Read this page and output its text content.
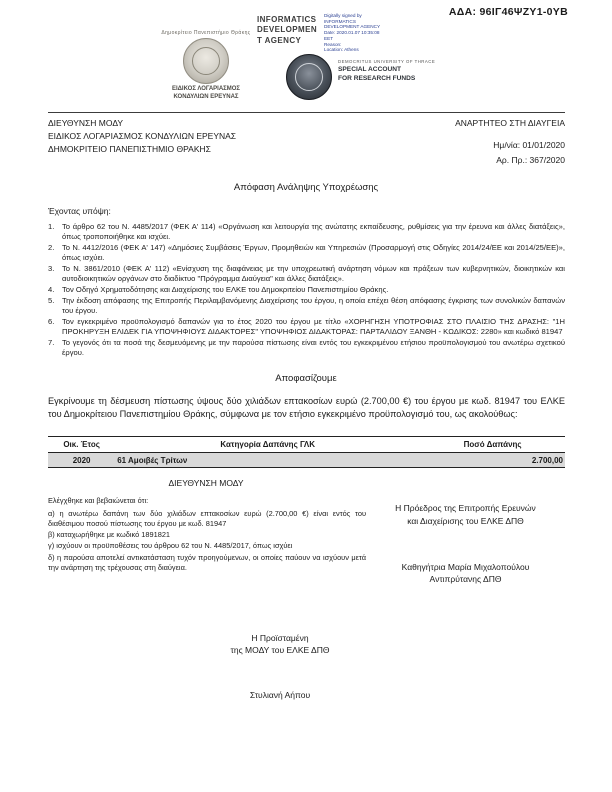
ΑΔΑ: 96ΙΓ46ΨΖΥ1-0ΥΒ
Δημοκρίτειο Πανεπιστήμιο Θράκης
ΕΙΔΙΚΟΣ ΛΟΓΑΡΙΑΣΜΟΣ
ΚΟΝΔΥΛΙΩΝ ΕΡΕΥΝΑΣ
INFORMATICS
DEVELOPMEN
T AGENCY
Digitally signed by
INFORMATICS
DEVELOPMENT AGENCY
Date: 2020.01.07 10:35:08
EET
Reason:
Location: Athens
DEMOCRITUS UNIVERSITY OF THRACE
SPECIAL ACCOUNT
FOR RESEARCH FUNDS
ΔΙΕΥΘΥΝΣΗ ΜΟΔΥ
ΕΙΔΙΚΟΣ ΛΟΓΑΡΙΑΣΜΟΣ ΚΟΝΔΥΛΙΩΝ ΕΡΕΥΝΑΣ
ΔΗΜΟΚΡΙΤΕΙΟ ΠΑΝΕΠΙΣΤΗΜΙΟ ΘΡΑΚΗΣ
ΑΝΑΡΤΗΤΕΟ ΣΤΗ ΔΙΑΥΓΕΙΑ
Ημ/νία: 01/01/2020
Αρ. Πρ.: 367/2020
Απόφαση Ανάληψης Υποχρέωσης
Έχοντας υπόψη:
1.	Το άρθρο 62 του Ν. 4485/2017 (ΦΕΚ Α' 114) «Οργάνωση και λειτουργία της ανώτατης εκπαίδευσης, ρυθμίσεις για την έρευνα και άλλες διατάξεις», όπως τροποποιήθηκε και ισχύει.
2.	Το Ν. 4412/2016 (ΦΕΚ Α' 147) «Δημόσιες Συμβάσεις Έργων, Προμηθειών και Υπηρεσιών (Προσαρμογή στις Οδηγίες 2014/24/ΕΕ και 2014/25/ΕΕ)», όπως ισχύει.
3.	Το Ν. 3861/2010 (ΦΕΚ Α' 112) «Ενίσχυση της διαφάνειας με την υποχρεωτική ανάρτηση νόμων και πράξεων των κυβερνητικών, διοικητικών και αυτοδιοικητικών οργάνων στο διαδίκτυο "Πρόγραμμα Διαύγεια" και άλλες διατάξεις».
4.	Τον Οδηγό Χρηματοδότησης και Διαχείρισης του ΕΛΚΕ του Δημοκριτείου Πανεπιστημίου Θράκης.
5.	Την έκδοση απόφασης της Επιτροπής Περιλαμβανόμενης Διαχείρισης του έργου, η οποία επέχει θέση απόφασης έγκρισης των συνολικών δαπανών του έργου.
6.	Τον εγκεκριμένο προϋπολογισμό δαπανών για το έτος 2020 του έργου με τίτλο «ΧΟΡΗΓΗΣΗ ΥΠΟΤΡΟΦΙΑΣ ΣΤΟ ΠΛΑΙΣΙΟ ΤΗΣ ΔΡΑΣΗΣ: "1Η ΠΡΟΚΗΡΥΞΗ ΕΛΙΔΕΚ ΓΙΑ ΥΠΟΨΗΦΙΟΥΣ ΔΙΔΑΚΤΟΡΕΣ" ΥΠΟΨΗΦΙΟΣ ΔΙΔΑΚΤΟΡΑΣ: ΠΑΡΤΑΛΙΔΟΥ ΞΑΝΘΗ - ΚΩΔΙΚΟΣ: 2280» και κωδικό 81947
7.	Το γεγονός ότι τα ποσά της δεσμευόμενης με την παρούσα πίστωσης είναι εντός του εγκεκριμένου ετήσιου προϋπολογισμού του ανωτέρω σχετικού έργου.
Αποφασίζουμε
Εγκρίνουμε τη δέσμευση πίστωσης ύψους δύο χιλιάδων επτακοσίων ευρώ (2.700,00 €) του έργου με κωδ. 81947 του ΕΛΚΕ του Δημοκρίτειου Πανεπιστημίου Θράκης, σύμφωνα με τον ετήσιο εγκεκριμένο προϋπολογισμό του, ως ακολούθως:
Οικ. Έτος	Κατηγορία Δαπάνης ΓΛΚ	Ποσό Δαπάνης
2020	61 Αμοιβές Τρίτων	2.700,00
ΔΙΕΥΘΥΝΣΗ ΜΟΔΥ
Ελέγχθηκε και βεβαιώνεται ότι:
α) η ανωτέρω δαπάνη των δύο χιλιάδων επτακοσίων ευρώ (2.700,00 €) είναι εντός του διαθέσιμου ποσού πίστωσης του έργου με κωδ. 81947
β) καταχωρήθηκε με κωδικό 1891821
γ) ισχύουν οι προϋποθέσεις του άρθρου 62 του Ν. 4485/2017, όπως ισχύει
δ) η παρούσα αποτελεί αντικατάσταση τυχόν προηγούμενων, οι οποίες παύουν να ισχύουν μετά την ανάρτηση της τρέχουσας στη διαύγεια.
Η Πρόεδρος της Επιτροπής Ερευνών
και Διαχείρισης του ΕΛΚΕ ΔΠΘ
Καθηγήτρια Μαρία Μιχαλοπούλου
Αντιπρύτανης ΔΠΘ
Η Προϊσταμένη
της ΜΟΔΥ του ΕΛΚΕ ΔΠΘ
Στυλιανή Αήπου
